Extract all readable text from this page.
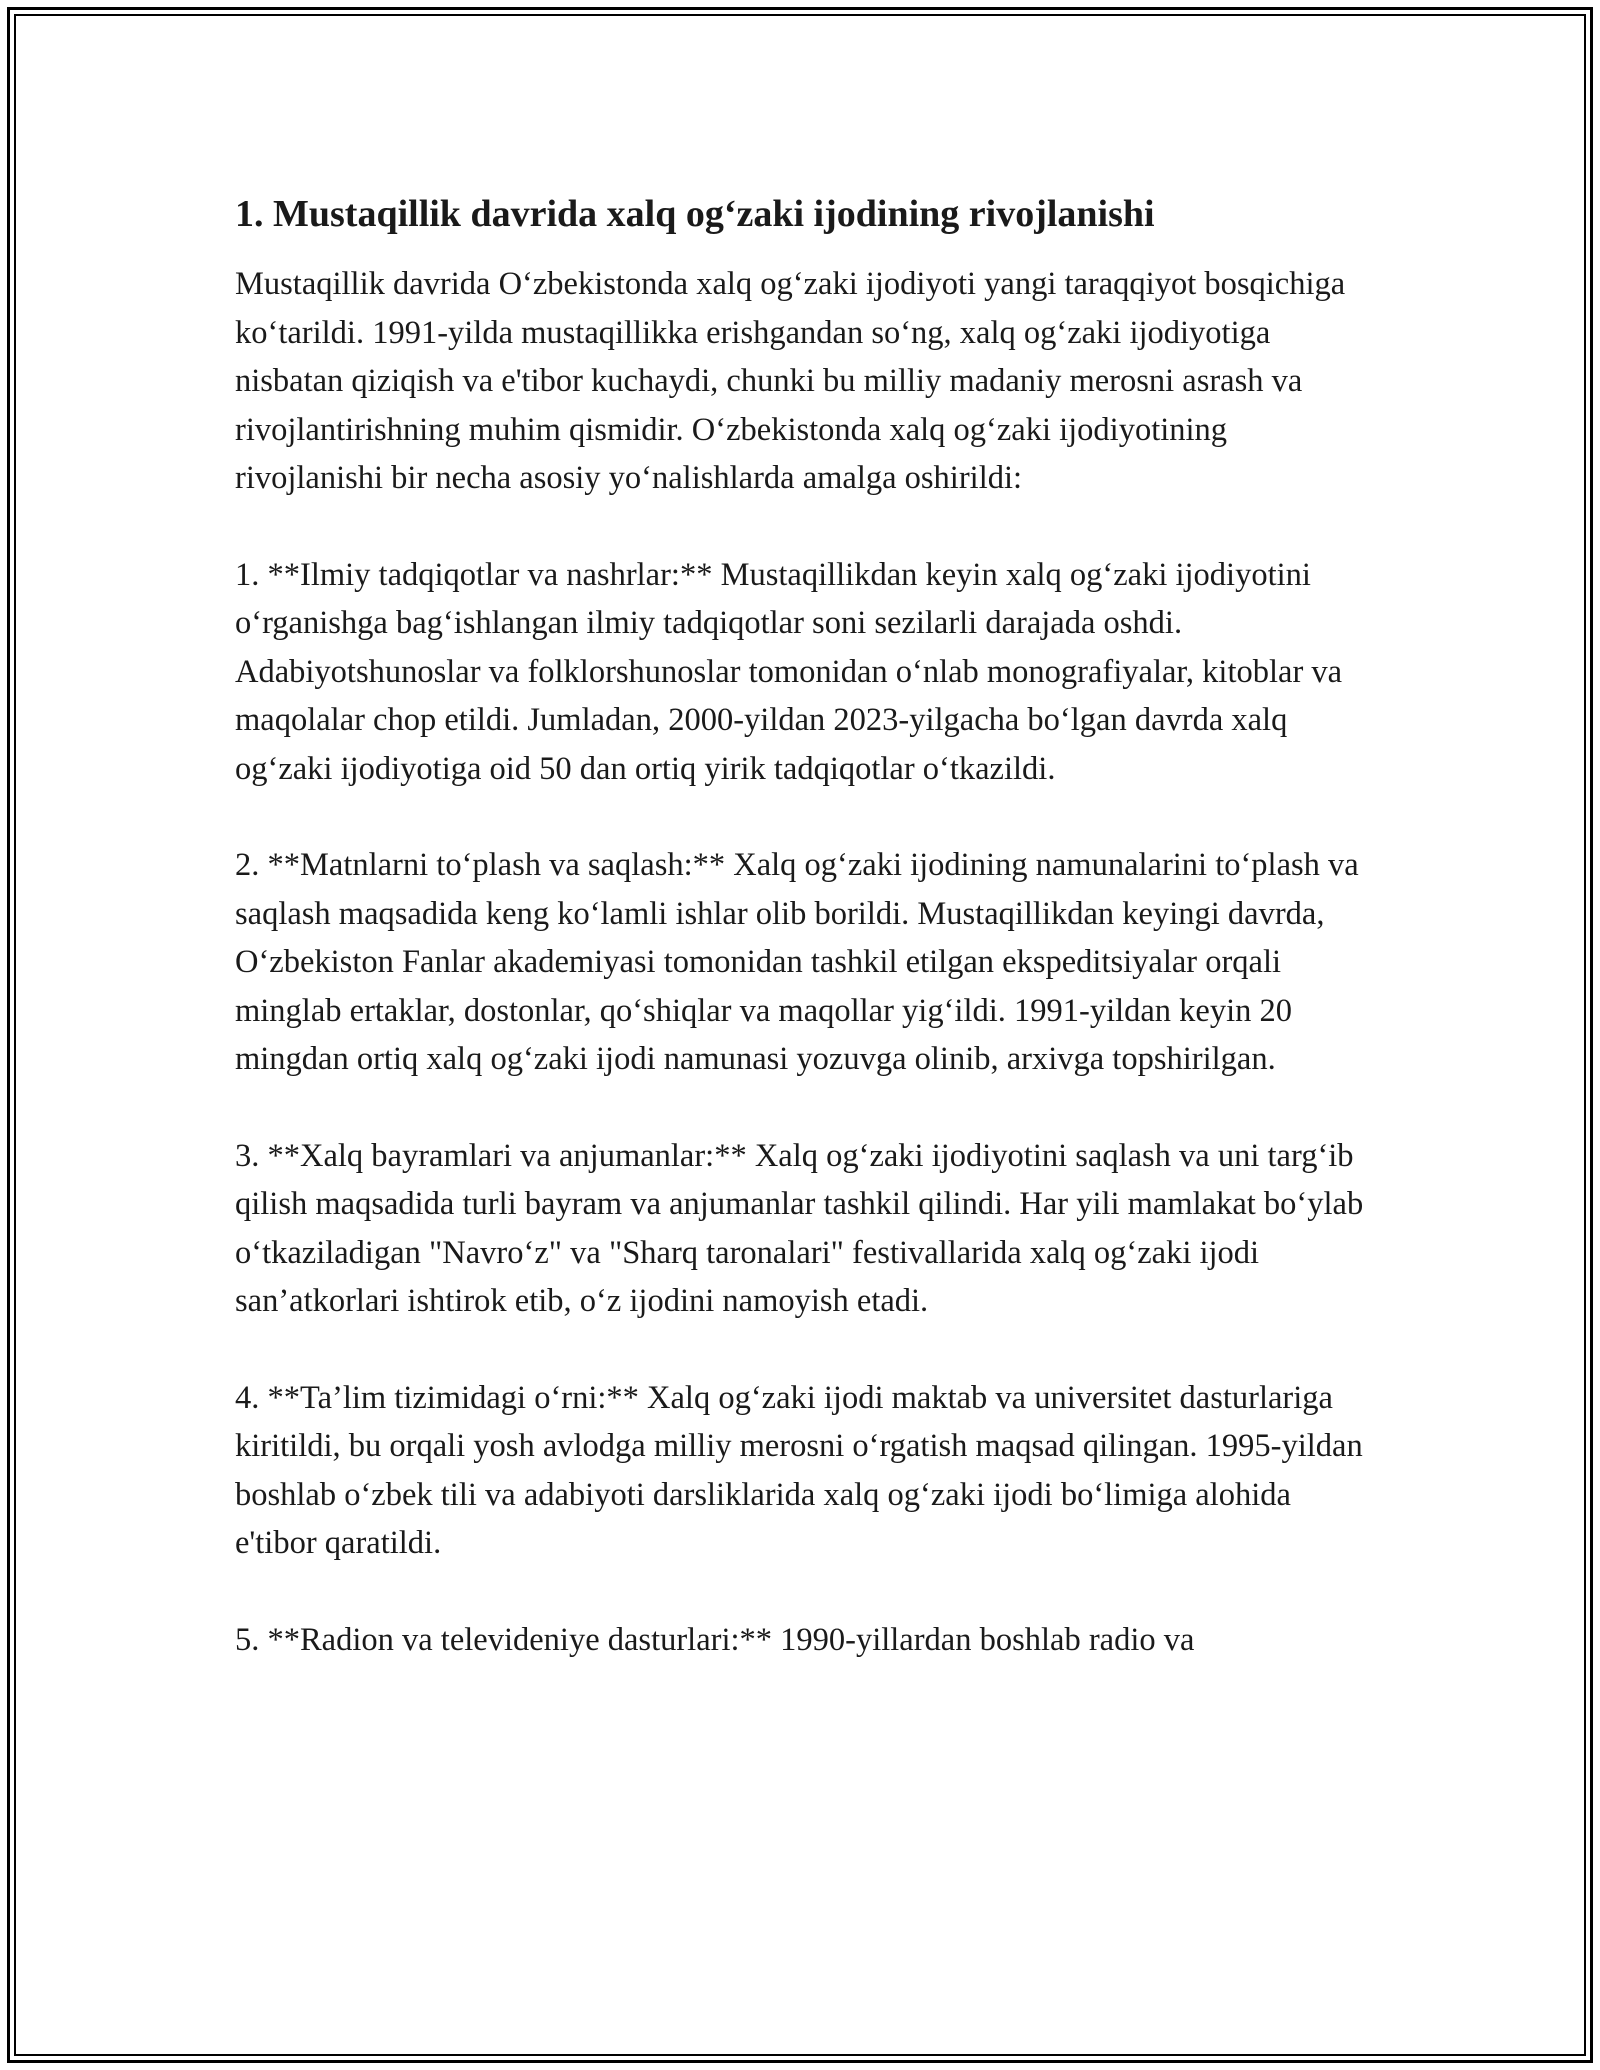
1. Mustaqillik davrida xalq og‘zaki ijodining rivojlanishi

Mustaqillik davrida O‘zbekistonda xalq og‘zaki ijodiyoti yangi taraqqiyot bosqichiga ko‘tarildi. 1991-yilda mustaqillikka erishgandan so‘ng, xalq og‘zaki ijodiyotiga nisbatan qiziqish va e'tibor kuchaydi, chunki bu milliy madaniy merosni asrash va rivojlantirishning muhim qismidir. O‘zbekistonda xalq og‘zaki ijodiyotining rivojlanishi bir necha asosiy yo‘nalishlarda amalga oshirildi:

1. **Ilmiy tadqiqotlar va nashrlar:** Mustaqillikdan keyin xalq og‘zaki ijodiyotini o‘rganishga bag‘ishlangan ilmiy tadqiqotlar soni sezilarli darajada oshdi. Adabiyotshunoslar va folklorshunoslar tomonidan o‘nlab monografiyalar, kitoblar va maqolalar chop etildi. Jumladan, 2000-yildan 2023-yilgacha bo‘lgan davrda xalq og‘zaki ijodiyotiga oid 50 dan ortiq yirik tadqiqotlar o‘tkazildi.

2. **Matnlarni to‘plash va saqlash:** Xalq og‘zaki ijodining namunalarini to‘plash va saqlash maqsadida keng ko‘lamli ishlar olib borildi. Mustaqillikdan keyingi davrda, O‘zbekiston Fanlar akademiyasi tomonidan tashkil etilgan ekspeditsiyalar orqali minglab ertaklar, dostonlar, qo‘shiqlar va maqollar yig‘ildi. 1991-yildan keyin 20 mingdan ortiq xalq og‘zaki ijodi namunasi yozuvga olinib, arxivga topshirilgan.

3. **Xalq bayramlari va anjumanlar:** Xalq og‘zaki ijodiyotini saqlash va uni targ‘ib qilish maqsadida turli bayram va anjumanlar tashkil qilindi. Har yili mamlakat bo‘ylab o‘tkaziladigan "Navro‘z" va "Sharq taronalari" festivallarida xalq og‘zaki ijodi san’atkorlari ishtirok etib, o‘z ijodini namoyish etadi.

4. **Ta’lim tizimidagi o‘rni:** Xalq og‘zaki ijodi maktab va universitet dasturlariga kiritildi, bu orqali yosh avlodga milliy merosni o‘rgatish maqsad qilingan. 1995-yildan boshlab o‘zbek tili va adabiyoti darsliklarida xalq og‘zaki ijodi bo‘limiga alohida e'tibor qaratildi.

5. **Radion va televideniye dasturlari:** 1990-yillardan boshlab radio va
